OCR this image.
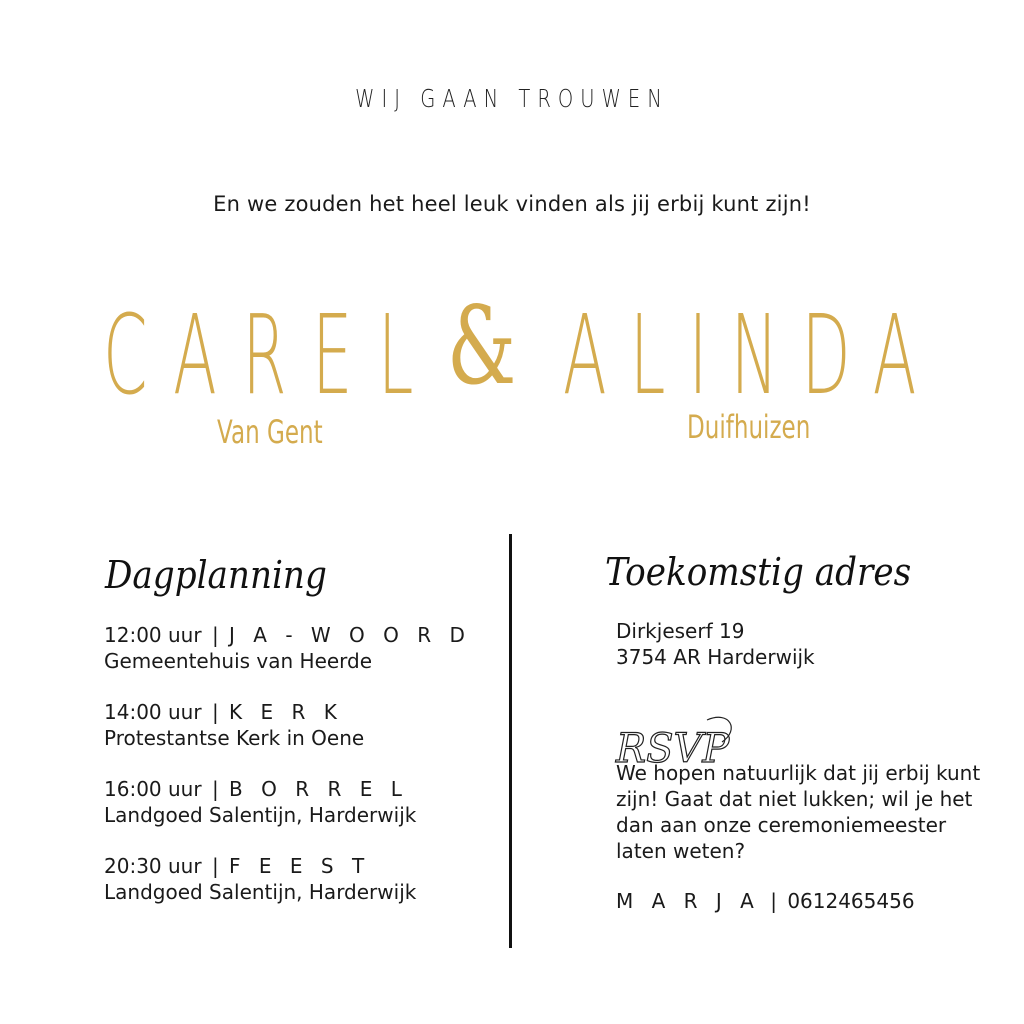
WIJ GAAN TROUWEN
En we zouden het heel leuk vinden als jij erbij kunt zijn!
CAREL & ALINDA
Van Gent	Duifhuizen
Dagplanning
12:00 uur | J A - W O O R D
Gemeentehuis van Heerde
14:00 uur | K E R K
Protestantse Kerk in Oene
16:00 uur | B O R R E L
Landgoed Salentijn, Harderwijk
20:30 uur | F E E S T
Landgoed Salentijn, Harderwijk
Toekomstig adres
Dirkjeserf 19
3754 AR Harderwijk
RSVP
We hopen natuurlijk dat jij erbij kunt zijn! Gaat dat niet lukken; wil je het dan aan onze ceremoniemeester laten weten?
M A R J A | 0612465456
